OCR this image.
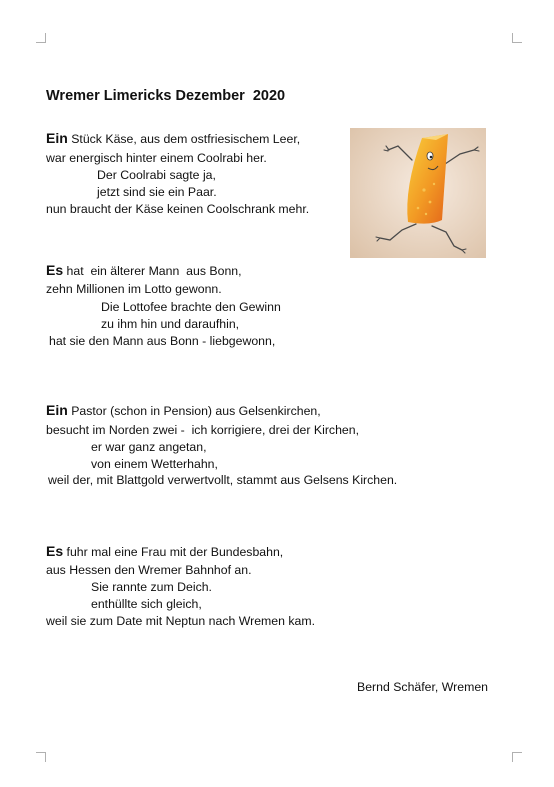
Wremer Limericks Dezember  2020
Ein Stück Käse, aus dem ostfriesischem Leer,
war energisch hinter einem Coolrabi her.
Der Coolrabi sagte ja,
jetzt sind sie ein Paar.
nun braucht der Käse keinen Coolschrank mehr.
Es hat  ein älterer Mann  aus Bonn,
zehn Millionen im Lotto gewonn.
Die Lottofee brachte den Gewinn
zu ihm hin und daraufhin,
hat sie den Mann aus Bonn - liebgewonn,
Ein Pastor (schon in Pension) aus Gelsenkirchen,
besucht im Norden zwei -  ich korrigiere, drei der Kirchen,
er war ganz angetan,
von einem Wetterhahn,
weil der, mit Blattgold verwertvollt, stammt aus Gelsens Kirchen.
Es fuhr mal eine Frau mit der Bundesbahn,
aus Hessen den Wremer Bahnhof an.
Sie rannte zum Deich.
enthüllte sich gleich,
weil sie zum Date mit Neptun nach Wremen kam.
Bernd Schäfer, Wremen
